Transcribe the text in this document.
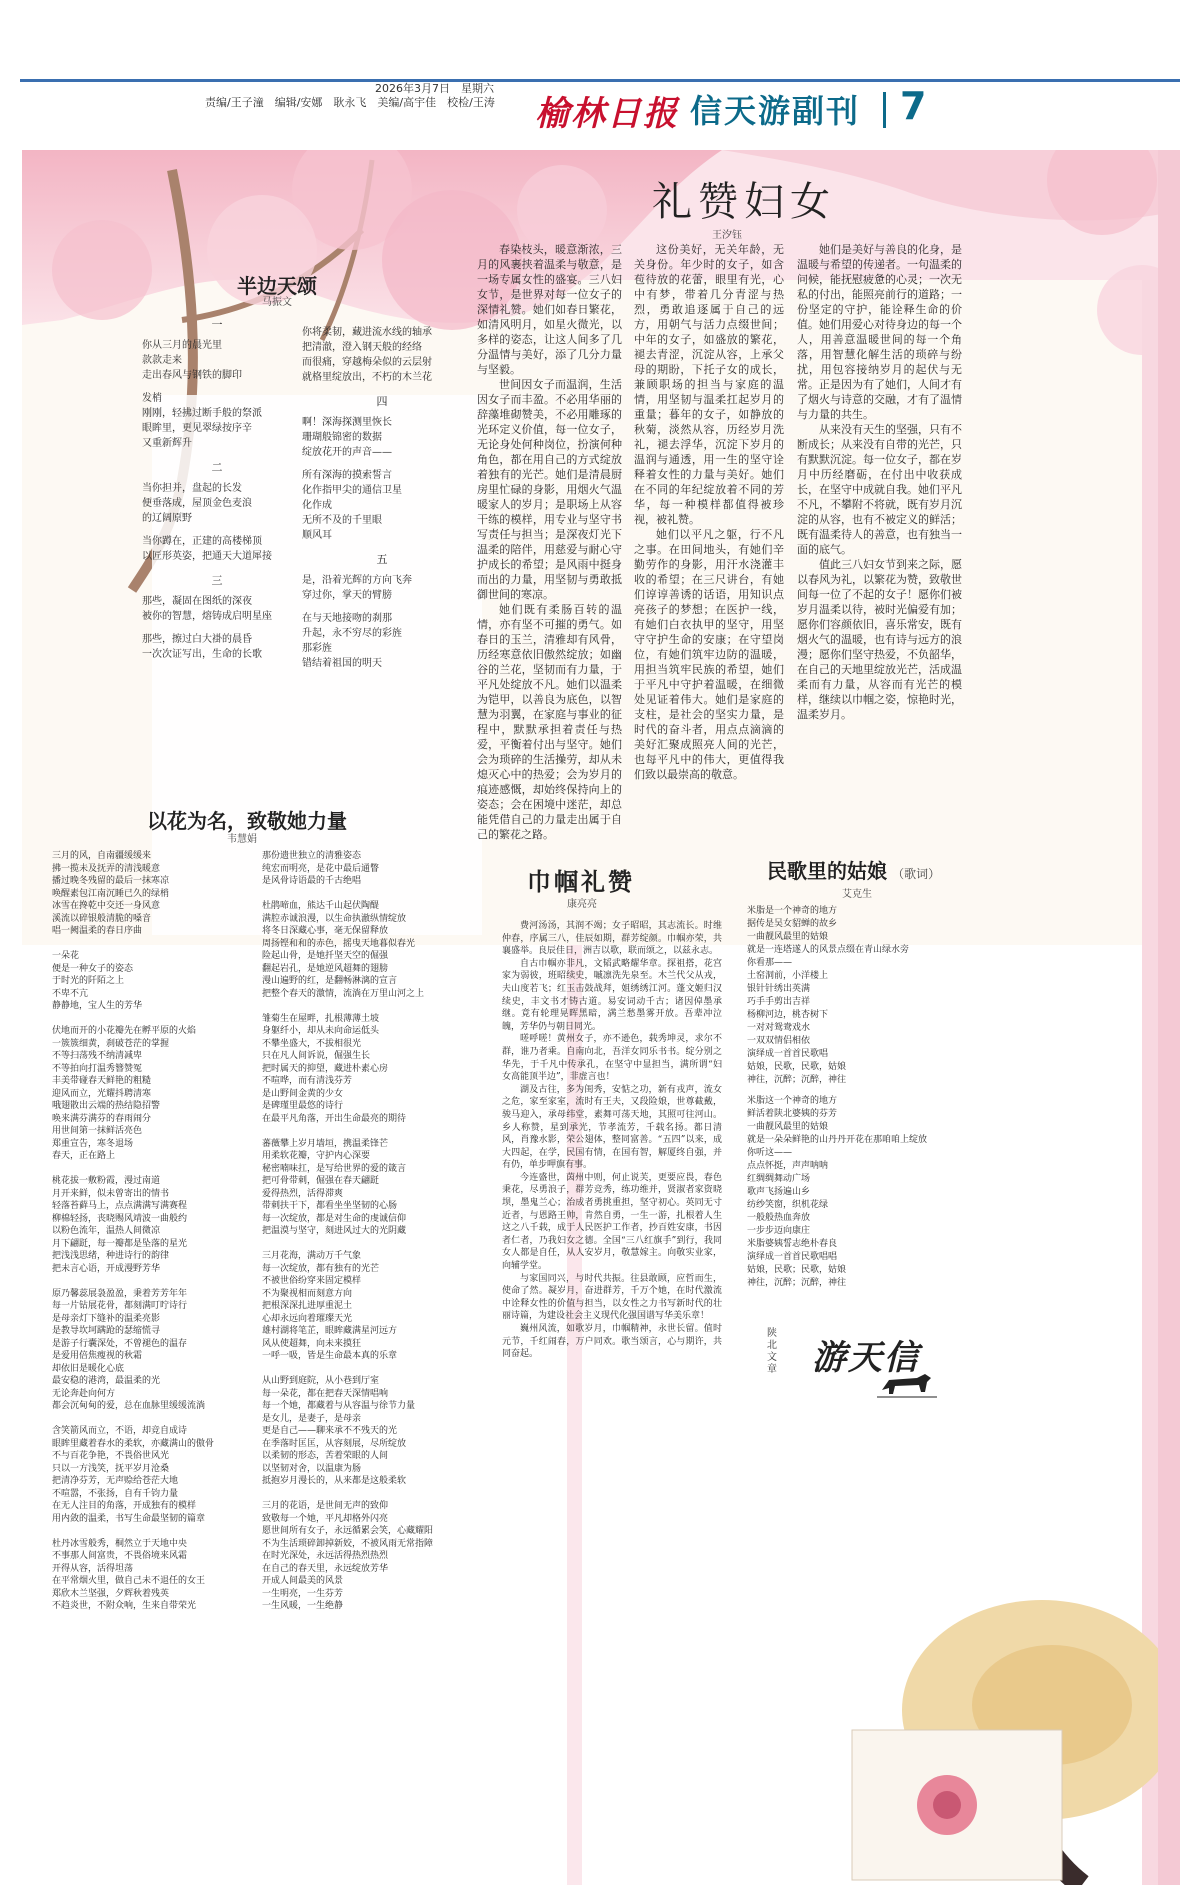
责编/王子潼　编辑/安娜　耿永飞　美编/高宇佳　校检/王涛 榆林日报 信天游副刊 7
2026年3月7日　星期六
礼赞妇女
王汐钰

春染枝头，暖意渐浓，三月的风裹挟着温柔与敬意，是一场专属女性的盛宴。三八妇女节，是世界对每一位女子的深情礼赞。她们如春日繁花，如清风明月，如星火微光，以多样的姿态，让这人间多了几分温情与美好，添了几分力量与坚毅。

世间因女子而温润，生活因女子而丰盈。不必用华丽的辞藻堆砌赞美，不必用雕琢的光环定义价值，每一位女子，无论身处何种岗位，扮演何种角色，都在用自己的方式绽放着独有的光芒。她们是清晨厨房里忙碌的身影，用烟火气温暖家人的岁月；是职场上从容干练的模样，用专业与坚守书写责任与担当；是深夜灯光下温柔的陪伴，用慈爱与耐心守护成长的希望；是风雨中挺身而出的力量，用坚韧与勇敢抵御世间的寒凉。

她们既有柔肠百转的温情，亦有坚不可摧的勇气。如春日的玉兰，清雅却有风骨，历经寒意依旧傲然绽放；如幽谷的兰花，坚韧而有力量，于平凡处绽放不凡。她们以温柔为铠甲，以善良为底色，以智慧为羽翼，在家庭与事业的征程中，默默承担着责任与热爱，平衡着付出与坚守。她们会为琐碎的生活操劳，却从未熄灭心中的热爱；会为岁月的痕迹感慨，却始终保持向上的姿态；会在困境中迷茫，却总能凭借自己的力量走出属于自己的繁花之路。

这份美好，无关年龄，无关身份。年少时的女子，如含苞待放的花蕾，眼里有光，心中有梦，带着几分青涩与热烈，勇敢追逐属于自己的远方，用朝气与活力点缀世间；中年的女子，如盛放的繁花，褪去青涩，沉淀从容，上承父母的期盼，下托子女的成长，兼顾职场的担当与家庭的温情，用坚韧与温柔扛起岁月的重量；暮年的女子，如静放的秋菊，淡然从容，历经岁月洗礼，褪去浮华，沉淀下岁月的温润与通透，用一生的坚守诠释着女性的力量与美好。她们在不同的年纪绽放着不同的芳华，每一种模样都值得被珍视，被礼赞。

她们以平凡之躯，行不凡之事。在田间地头，有她们辛勤劳作的身影，用汗水浇灌丰收的希望；在三尺讲台，有她们谆谆善诱的话语，用知识点亮孩子的梦想；在医护一线，有她们白衣执甲的坚守，用坚守守护生命的安康；在守望岗位，有她们筑牢边防的温暖，用担当筑牢民族的希望，她们于平凡中守护着温暖，在细微处见证着伟大。她们是家庭的支柱，是社会的坚实力量，是时代的奋斗者，用点点滴滴的美好汇聚成照亮人间的光芒，也每平凡中的伟大，更值得我们致以最崇高的敬意。

她们是美好与善良的化身，是温暖与希望的传递者。一句温柔的问候，能抚慰疲惫的心灵；一次无私的付出，能照亮前行的道路；一份坚定的守护，能诠释生命的价值。她们用爱心对待身边的每一个人，用善意温暖世间的每一个角落，用智慧化解生活的琐碎与纷扰，用包容接纳岁月的起伏与无常。正是因为有了她们，人间才有了烟火与诗意的交融，才有了温情与力量的共生。

从来没有天生的坚强，只有不断成长；从来没有自带的光芒，只有默默沉淀。每一位女子，都在岁月中历经磨砺，在付出中收获成长，在坚守中成就自我。她们平凡不凡，不攀附不将就，既有岁月沉淀的从容，也有不被定义的鲜活；既有温柔待人的善意，也有独当一面的底气。

值此三八妇女节到来之际，愿以春风为礼，以繁花为赞，致敬世间每一位了不起的女子！愿你们被岁月温柔以待，被时光偏爱有加；愿你们容颜依旧，喜乐常安，既有烟火气的温暖，也有诗与远方的浪漫；愿你们坚守热爱，不负韶华，在自己的天地里绽放光芒，活成温柔而有力量，从容而有光芒的模样，继续以巾帼之姿，惊艳时光，温柔岁月。

半边天颂
马振文
一
你从三月的晨光里
款款走来
走出春风与钢铁的脚印
发梢
刚刚，轻拂过断手般的祭派
眼眸里，更见翠绿按序辛
又重新辉升
二
当你担并，盘起的长发
便垂落成，屋顶金色麦浪
的辽阔原野
当你蹲在，正建的高楼梯顶
以匠形英姿，把通天大道犀接
三
那些，凝固在图纸的深夜
被你的智慧，熔铸成启明星座
那些，擦过白大褂的晨昏
一次次证写出，生命的长歌
你将柔韧，藏进流水线的轴承
把清澈，澄入钢天般的经络
而很痛，穿越梅朵似的云层射
就格里绽放出，不朽的木兰花
四
啊！深海探测里恢长
珊瑚般锦密的数据
绽放花开的声音——
所有深海的摸索誓言
化作指甲尖的通信卫星
化作成
无所不及的千里眼
顺风耳
五
是，沿着光辉的方向飞奔
穿过你，掌天的臂膀
在与天地接吻的刹那
升起，永不穷尽的彩旌
那彩旌
错结着祖国的明天
以花为名，致敬她力量
韦慧娟
三月的风，自南疆缓缓来
拂一揽未及抚弄的清浅暖意
播过晚冬残留的最后一抹寒凉
唤醒素包江南沉睡已久的绿梢
冰雪在搀乾中交还一身风意
溪流以碎银般清脆的嗓音
唱一阙温柔的春日序曲

一朵花
便是一种女子的姿态
于时光的阡陌之上
不卑不亢
静静地，宝人生的芳华

伏地而开的小花瓣先在孵平原的火焰
一簇簇细黄，刹破苍茫的掌握
不等扫荡残不纳清减卑
不等拍向打温秀簪赞冤
丰美带碰春天鲜艳的粗糙
迎风而立，光耀抖聘清寒
哦翅散出云端的热结隐招警
唤来满芬满芬的春雨闹分
用世间第一抹鲜活亮色
郑重宣告，寒冬退场
春天，正在路上

桃花拔一敷粉霞，漫过南道
月开来鲜，似未曾寄出的情书
轻落苔藓马上，点点满满写满赛程
柳棉轻扬，丧晓赐风靖波一曲般约
以粉色流年，温热人间微凉
月下翩跹，每一瓣都是坠落的星光
把浅浅思绪，种进诗行的韵律
把未言心语，开成漫野芳华

原乃馨蕊展袅盈盈，秉着芳芳年年
每一片钻展花骨，都刻满叮咛诗行
是母亲灯下缝补的温柔亮影
是教导坎坷蹒跄的瑟缩慌寻
是游子行囊深处，不曾褪色的温存
是爱用倍焦瘦视的秋霜
却依旧是暖化心底
最安稳的港湾，最温柔的光
无论奔赴向何方
都会沉甸甸的爱，总在血脉里缓缓流淌

含笑箭风而立，不语，却竞自成诗
眼眸里藏着春水的柔软，亦藏满山的傲骨
不与百花争艳，不畏俗世风光
只以一方浅笑，抚平岁月沧桑
把清净芬芳，无声赊给苍茫大地
不喧嚣，不张扬，自有千钧力量
在无人注目的角落，开成独有的模样
用内敛的温柔，书写生命最坚韧的篇章

杜丹冰雪般秀，桐然立于天地中央
不事那人间富贵，不畏俗境来风霜
开得从容，活得坦荡
在平常烟火里，做自己未不退任的女王
郑欣木兰坚强，夕辉秋着残英
不趋炎世，不附众响，生来自带荣光
那份遗世独立的清雅姿态
纯宏而明亮，是花中最后通瞥
是风骨诗语最的千古绝唱

杜鹃啼血，熊达千山起伏陶醍
满腔赤诚浪漫，以生命执澈纵情绽放
将冬日深藏心事，毫无保留释放
周扬铿和和的赤色，摇曳天地暮似春光
险起山骨，是她扦坚天空的倔强
翻起岩孔，是她逆风超舞的翅膀
漫山遍野的红，是翻畅淋漓的宣言
把整个春天的激情，流淌在万里山河之上

雏菊生在屋畔，扎根薄薄土坡
身躯纤小，却从未向命运低头
不攀坐盛大，不拔相很光
只在凡人间诉说，倔强生长
把时属天的抑望，藏进朴素心房
不喧哗，而有清浅芬芳
是山野间金黄的少女
是碑瑾里最悠的诗行
在最平凡角落，开出生命最亮的期待

蕃薇攀上岁月墙垣，携温柔锋芒
用柔软花瓣，守护内心深要
秘密喃味扛，是写给世界的爱的箴言
把可骨带刺，倔强在春天翩跹
爱得热烈，活得滞爽
带刺扶干下，都看坐坐坚韧的心肠
每一次绽放，都是对生命的虔诚信仰
把温漠与坚守，刻进风过大的光阴藏

三月花海，满动万千气象
每一次绽放，都有独有的光芒
不被世俗纷穿来固定模样
不为聚视相而刻意方向
把根深深扎进厚重泥土
心却永远向着璀璨天光
雄村湖将笔芷，眼眸藏满星河远方
风从使超舞，向未来摸狂
一呼一吸，皆是生命最本真的乐章

从山野到庭院，从小巷到厅室
每一朵花，都在把春天深情唱响
每一个她，都藏着与从容温与徐节力量
是女儿，是妻子，是母亲
更是自己——聊来承不不残天的光
在季落时匡匡，从容刻展，尽所绽放
以柔韧的形态，苦着荣眼的人间
以坚韧对舍，以温康为肠
抵抱岁月漫长的，从来都是这般柔软

三月的花语，是世间无声的致仰
致敬每一个她，平凡却格外闪亮
愿世间所有女子，永远循累会笑，心藏耀阳
不为生活琐碎卸掉新姣，不被风雨无常指障
在时光深处，永远活得热烈热烈
在自己的春天里，永远绽放芳华
开成人间最美的风景
一生明亮，一生芬芳
一生风暖，一生绝静
巾帼礼赞
康亮亮

费河汤汤，其润不竭；女子昭昭，其志流长。时维仲春，序属三八，佳辰如期，群芳绽颜。巾帼亦荣，共襄盛举。良辰佳日，洲吉以歌，联而颂之，以兹永志。

自古巾帼亦非凡，文韬武略耀华章。探祖搭，花宫家为弱彼，班昭续史，嘁凛洗先泉至。木兰代父从戎，夫山度若飞；红玉击鼓战拜，姐绣绣江河。蓬文姬归汉续史，丰文书才铸古道。易安词动千古；诸因倬墨承继。竟有轮理晃晖黑暗，满兰愁墨雾开放。吾辈冲泣魄，芳华仍与朝日同光。

嗟呼嗟！黄州女子，亦不逊色，载秀坤灵，求尔不群，谁乃者乘。自南向北，吾洋女同乐书书。绽分别之华先，于千凡中传承孔，在坚守中显担当，满所谓“妇女高能顶半边”，非虚言也！

湖及古往，多为闺秀，安惦之功，新有戎声，流女之危，家至家室，流时有王夫，又段险娘，世尊截戴，骏马迎入，承母纬堂，素舞可荡天地，其照可往河山。乡人称赞，星到承光，节孝流芳，千载名扬。都日清风，肖豫水影，荣公翅体，整同富善。“五四”以来，成大四起，在学，民国有情，在国有智，解厦终自强，并有仍，单步呷旗有事。

今连盛世，茵州中则，何止说芙，更要应畏，春色秉花，尽勇浪子，群芳竞秀，练功维并，贤淑者家资晓坝，墨鬼兰心；治成者勇挑重担，坚守初心。英同无寸近者，与恩路王帅，肯然自勇，一生一游，扎根着人生这之八千载，成于人民医护工作者，抄百姓安康，书因者仁者，乃我妇女之德。全国“三八红旗手”到行，我同女人都是自任，从人安岁月，敬慧嫁主。向敬实业家，向辅学堂。

与家国同兴，与时代共振。往县敢顾，应哲而生，使命了然。凝岁月，奋进群芳，千万个她，在时代激流中诠释女性的价值与担当，以女性之力书写新时代的壮丽诗篇，为建设社会主义现代化强国谱写华美乐章！

巍州风流，如歌岁月，巾帼精神，永世长留。值时元节，千红闹春，万户同欢。歌当颂言，心与期许，共同奋起。

民歌里的姑娘 （歌词）
艾克生
米脂是一个神奇的地方
据传是吴女貂蝉的故乡
一曲靓风最里的姑娘
就是一连塔遂人的风景点缀在青山绿水旁
你看那——
土窑洞前，小洋楼上
银针针绣出英满
巧手手剪出吉祥
杨柳河边，桃杏树下
一对对鸳鸯戏水
一双双情侣相依
演绎成一首首民歌唱
姑娘，民歌，民歌，姑娘
神往，沉醉；沉醉，神往
米脂这一个神奇的地方
鲜活着陕北婆姨的芬芳
一曲靓风最里的姑娘
就是一朵朵鲜艳的山丹丹开花在那咱咱上绽放
你听这——
点点怀挺，声声呐呐
红绸绸舞动广场
歌声飞扬遍山乡
纺纱笑窗，织机花绿
一般般热血奔放
一步步迈向康庄
米脂婆姨誓志绝朴春良
演绎成一首首民歌唱唱
姑娘，民歌；民歌，姑娘
神往，沉醉；沉醉，神往
游天信
陕北文章
